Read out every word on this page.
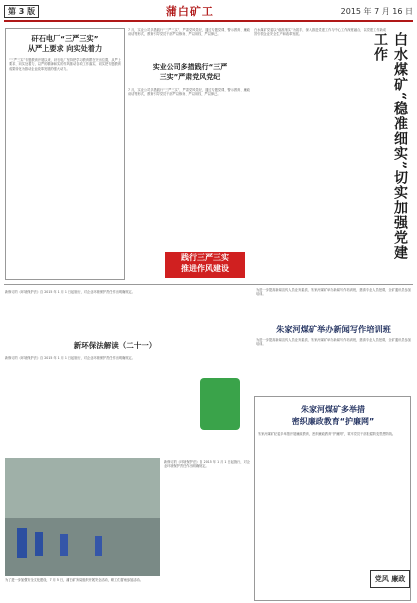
第 3 版	蒲白矿工	2015 年 7 月 16 日
矸石电厂“三严三实”
从严上要求 向实处着力
“三严三实”专题教育开展以来，矸石电厂坚持把学习教育摆在突出位置，从严上要求、向实处着力，以严的精神和实的作风推动各项工作落实，切实把专题教育成果转化为推动企业改革发展的强大动力。	实业公司多措践行“三严
三实”严肃党风党纪
7 月，实业公司多措践行“三严三实”，严肃党风党纪，通过专题党课、警示教育、廉政谈话等形式，教育引导党员干部严以修身、严以用权、严以律己。
7 月，实业公司多措践行“三严三实”，严肃党风党纪，通过专题党课、警示教育、廉政谈话等形式，教育引导党员干部严以修身、严以用权、严以律己。
践行三严三实
推进作风建设
白水煤矿党委以“稳准细实”为抓手，深入推进党建工作与中心工作深度融合，以党建工作新成效引领企业安全生产和改革发展。	白水煤矿“稳准细实”切实加强党建工作
为进一步提高新闻宣传人员业务素质，朱家河煤矿举办新闻写作培训班，邀请专业人员授课，全矿通讯员参加培训。
朱家河煤矿举办新闻写作培训班
为进一步提高新闻宣传人员业务素质，朱家河煤矿举办新闻写作培训班，邀请专业人员授课，全矿通讯员参加培训。
新修订的《环境保护法》自 2015 年 1 月 1 日起施行，对企业环境保护责任作出明确规定。
新环保法解读（二十一）
新修订的《环境保护法》自 2015 年 1 月 1 日起施行，对企业环境保护责任作出明确规定。
朱家河煤矿多举措
密织廉政教育“护廉网”
朱家河煤矿纪委多举措开展廉政教育，密织廉政教育“护廉网”，筑牢党员干部拒腐防变思想防线。
党风 廉政
为了进一步加强安全文化建设，7 月 5 日，蒲白矿务局组织开展安全活动，职工们冒雨参加活动。
新修订的《环境保护法》自 2015 年 1 月 1 日起施行，对企业环境保护责任作出明确规定。
